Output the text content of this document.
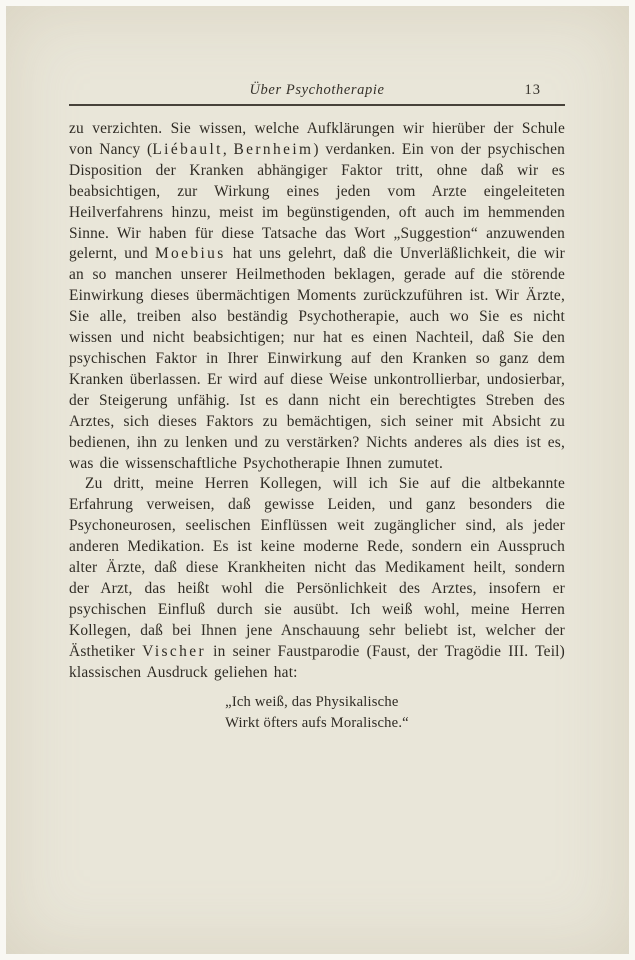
Über Psychotherapie	13

zu verzichten. Sie wissen, welche Aufklärungen wir hierüber der Schule von Nancy (Liébault, Bernheim) verdanken. Ein von der psychischen Disposition der Kranken abhängiger Faktor tritt, ohne daß wir es beabsichtigen, zur Wirkung eines jeden vom Arzte eingeleiteten Heilverfahrens hinzu, meist im begünstigenden, oft auch im hemmenden Sinne. Wir haben für diese Tatsache das Wort „Suggestion“ anzuwenden gelernt, und Moebius hat uns gelehrt, daß die Unverläßlichkeit, die wir an so manchen unserer Heilmethoden beklagen, gerade auf die störende Einwirkung dieses übermächtigen Moments zurückzuführen ist. Wir Ärzte, Sie alle, treiben also beständig Psychotherapie, auch wo Sie es nicht wissen und nicht beabsichtigen; nur hat es einen Nachteil, daß Sie den psychischen Faktor in Ihrer Einwirkung auf den Kranken so ganz dem Kranken überlassen. Er wird auf diese Weise unkontrollierbar, undosierbar, der Steigerung unfähig. Ist es dann nicht ein berechtigtes Streben des Arztes, sich dieses Faktors zu bemächtigen, sich seiner mit Absicht zu bedienen, ihn zu lenken und zu verstärken? Nichts anderes als dies ist es, was die wissenschaftliche Psychotherapie Ihnen zumutet.

Zu dritt, meine Herren Kollegen, will ich Sie auf die altbekannte Erfahrung verweisen, daß gewisse Leiden, und ganz besonders die Psychoneurosen, seelischen Einflüssen weit zugänglicher sind, als jeder anderen Medikation. Es ist keine moderne Rede, sondern ein Ausspruch alter Ärzte, daß diese Krankheiten nicht das Medikament heilt, sondern der Arzt, das heißt wohl die Persönlichkeit des Arztes, insofern er psychischen Einfluß durch sie ausübt. Ich weiß wohl, meine Herren Kollegen, daß bei Ihnen jene Anschauung sehr beliebt ist, welcher der Ästhetiker Vischer in seiner Faustparodie (Faust, der Tragödie III. Teil) klassischen Ausdruck geliehen hat:

„Ich weiß, das Physikalische
Wirkt öfters aufs Moralische.“
